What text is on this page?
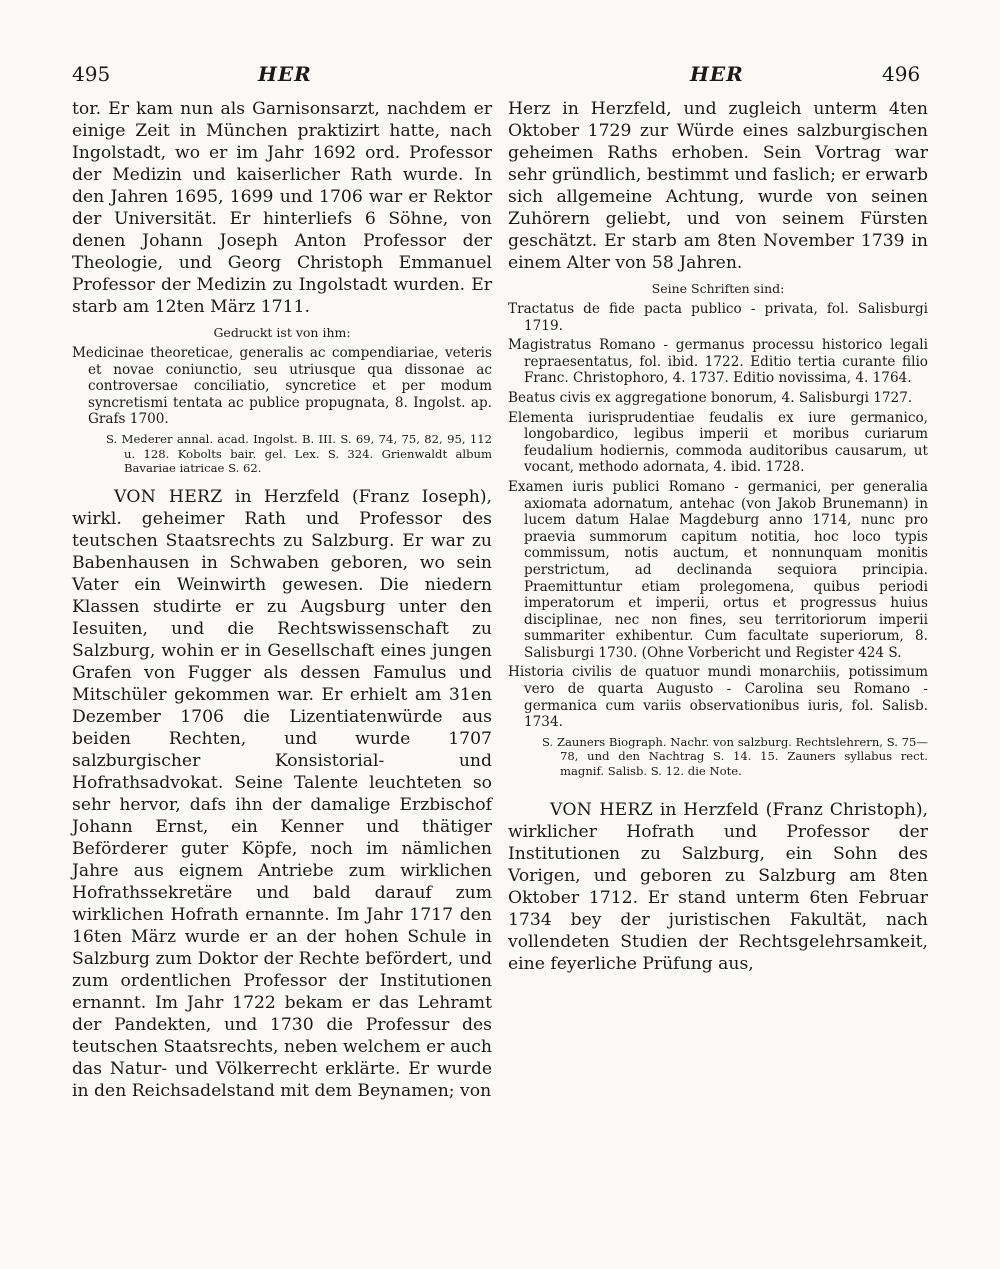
495	HER	HER	496

tor. Er kam nun als Garnisonsarzt, nachdem er einige Zeit in München praktizirt hatte, nach Ingolstadt, wo er im Jahr 1692 ord. Professor der Medizin und kaiserlicher Rath wurde. In den Jahren 1695, 1699 und 1706 war er Rektor der Universität. Er hinterliefs 6 Söhne, von denen Johann Joseph Anton Professor der Theologie, und Georg Christoph Emmanuel Professor der Medizin zu Ingolstadt wurden. Er starb am 12ten März 1711.

Gedruckt ist von ihm:

Medicinae theoreticae, generalis ac compendiariae, veteris et novae coniunctio, seu utriusque qua dissonae ac controversae conciliatio, syncretice et per modum syncretismi tentata ac publice propugnata, 8. Ingolst. ap. Grafs 1700.

S. Mederer annal. acad. Ingolst. B. III. S. 69, 74, 75, 82, 95, 112 u. 128. Kobolts bair. gel. Lex. S. 324. Grienwaldt album Bavariae iatricae S. 62.

VON HERZ in Herzfeld (Franz Ioseph), wirkl. geheimer Rath und Professor des teutschen Staatsrechts zu Salzburg. Er war zu Babenhausen in Schwaben geboren, wo sein Vater ein Weinwirth gewesen. Die niedern Klassen studirte er zu Augsburg unter den Iesuiten, und die Rechtswissenschaft zu Salzburg, wohin er in Gesellschaft eines jungen Grafen von Fugger als dessen Famulus und Mitschüler gekommen war. Er erhielt am 31en Dezember 1706 die Lizentiatenwürde aus beiden Rechten, und wurde 1707 salzburgischer Konsistorial- und Hofrathsadvokat. Seine Talente leuchteten so sehr hervor, dafs ihn der damalige Erzbischof Johann Ernst, ein Kenner und thätiger Beförderer guter Köpfe, noch im nämlichen Jahre aus eignem Antriebe zum wirklichen Hofrathssekretäre und bald darauf zum wirklichen Hofrath ernannte. Im Jahr 1717 den 16ten März wurde er an der hohen Schule in Salzburg zum Doktor der Rechte befördert, und zum ordentlichen Professor der Institutionen ernannt. Im Jahr 1722 bekam er das Lehramt der Pandekten, und 1730 die Professur des teutschen Staatsrechts, neben welchem er auch das Natur- und Völkerrecht erklärte. Er wurde in den Reichsadelstand mit dem Beynamen; von

Herz in Herzfeld, und zugleich unterm 4ten Oktober 1729 zur Würde eines salzburgischen geheimen Raths erhoben. Sein Vortrag war sehr gründlich, bestimmt und faslich; er erwarb sich allgemeine Achtung, wurde von seinen Zuhörern geliebt, und von seinem Fürsten geschätzt. Er starb am 8ten November 1739 in einem Alter von 58 Jahren.

Seine Schriften sind:

Tractatus de fide pacta publico - privata, fol. Salisburgi 1719.

Magistratus Romano - germanus processu historico legali repraesentatus, fol. ibid. 1722. Editio tertia curante filio Franc. Christophoro, 4. 1737. Editio novissima, 4. 1764.

Beatus civis ex aggregatione bonorum, 4. Salisburgi 1727.

Elementa iurisprudentiae feudalis ex iure germanico, longobardico, legibus imperii et moribus curiarum feudalium hodiernis, commoda auditoribus causarum, ut vocant, methodo adornata, 4. ibid. 1728.

Examen iuris publici Romano - germanici, per generalia axiomata adornatum, antehac (von Jakob Brunemann) in lucem datum Halae Magdeburg anno 1714, nunc pro praevia summorum capitum notitia, hoc loco typis commissum, notis auctum, et nonnunquam monitis perstrictum, ad declinanda sequiora principia. Praemittuntur etiam prolegomena, quibus periodi imperatorum et imperii, ortus et progressus huius disciplinae, nec non fines, seu territoriorum imperii summariter exhibentur. Cum facultate superiorum, 8. Salisburgi 1730. (Ohne Vorbericht und Register 424 S.

Historia civilis de quatuor mundi monarchiis, potissimum vero de quarta Augusto - Carolina seu Romano - germanica cum variis observationibus iuris, fol. Salisb. 1734.

S. Zauners Biograph. Nachr. von salzburg. Rechtslehrern, S. 75—78, und den Nachtrag S. 14. 15. Zauners syllabus rect. magnif. Salisb. S. 12. die Note.

VON HERZ in Herzfeld (Franz Christoph), wirklicher Hofrath und Professor der Institutionen zu Salzburg, ein Sohn des Vorigen, und geboren zu Salzburg am 8ten Oktober 1712. Er stand unterm 6ten Februar 1734 bey der juristischen Fakultät, nach vollendeten Studien der Rechtsgelehrsamkeit, eine feyerliche Prüfung aus,
